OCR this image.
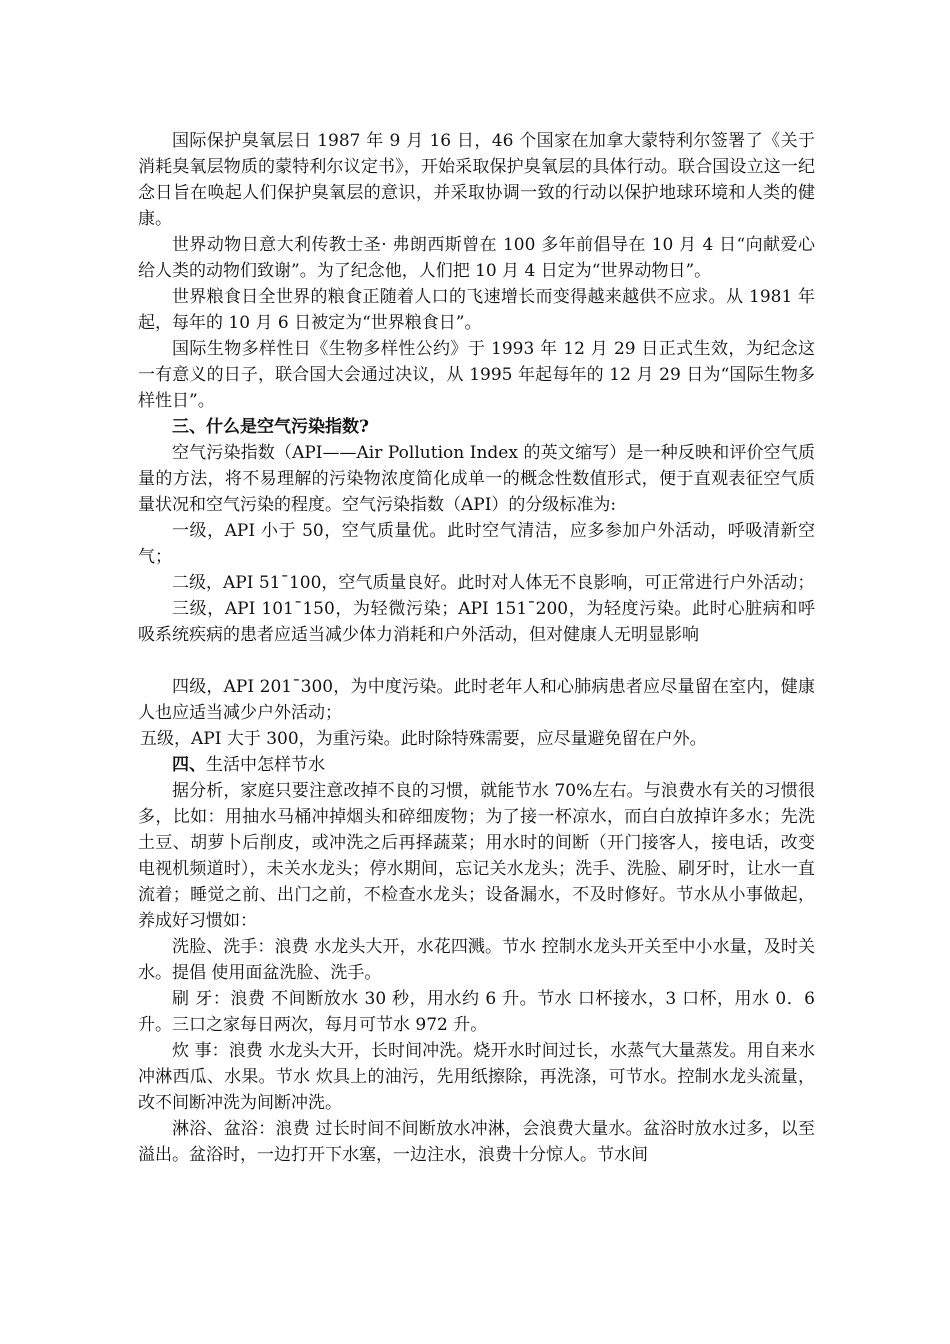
国际保护臭氧层日 1987 年 9 月 16 日，46 个国家在加拿大蒙特利尔签署了《关于消耗臭氧层物质的蒙特利尔议定书》，开始采取保护臭氧层的具体行动。联合国设立这一纪念日旨在唤起人们保护臭氧层的意识，并采取协调一致的行动以保护地球环境和人类的健康。

世界动物日意大利传教士圣· 弗朗西斯曾在 100 多年前倡导在 10 月 4 日“向献爱心给人类的动物们致谢”。为了纪念他，人们把 10 月 4 日定为“世界动物日”。

世界粮食日全世界的粮食正随着人口的飞速增长而变得越来越供不应求。从 1981 年起，每年的 10 月 6 日被定为“世界粮食日”。

国际生物多样性日《生物多样性公约》于 1993 年 12 月 29 日正式生效，为纪念这一有意义的日子，联合国大会通过决议，从 1995 年起每年的 12 月 29 日为“国际生物多样性日”。

三、什么是空气污染指数?

空气污染指数（API——Air Pollution Index 的英文缩写）是一种反映和评价空气质量的方法，将不易理解的污染物浓度简化成单一的概念性数值形式，便于直观表征空气质量状况和空气污染的程度。空气污染指数（API）的分级标准为:

一级，API 小于 50，空气质量优。此时空气清洁，应多参加户外活动，呼吸清新空气；

二级，API 51¯100，空气质量良好。此时对人体无不良影响，可正常进行户外活动；

三级，API 101¯150，为轻微污染；API 151¯200，为轻度污染。此时心脏病和呼吸系统疾病的患者应适当减少体力消耗和户外活动，但对健康人无明显影响

四级，API 201¯300，为中度污染。此时老年人和心肺病患者应尽量留在室内，健康人也应适当减少户外活动；

五级，API 大于 300，为重污染。此时除特殊需要，应尽量避免留在户外。

四、生活中怎样节水

据分析，家庭只要注意改掉不良的习惯，就能节水 70%左右。与浪费水有关的习惯很多，比如：用抽水马桶冲掉烟头和碎细废物；为了接一杯凉水，而白白放掉许多水；先洗土豆、胡萝卜后削皮，或冲洗之后再择蔬菜；用水时的间断（开门接客人，接电话，改变电视机频道时），未关水龙头；停水期间，忘记关水龙头；洗手、洗脸、刷牙时，让水一直流着；睡觉之前、出门之前，不检查水龙头；设备漏水，不及时修好。节水从小事做起，养成好习惯如：

洗脸、洗手：浪费 水龙头大开，水花四溅。节水 控制水龙头开关至中小水量，及时关水。提倡 使用面盆洗脸、洗手。

刷 牙：浪费 不间断放水 30 秒，用水约 6 升。节水 口杯接水，3 口杯，用水 0．6 升。三口之家每日两次，每月可节水 972 升。

炊 事：浪费 水龙头大开，长时间冲洗。烧开水时间过长，水蒸气大量蒸发。用自来水冲淋西瓜、水果。节水 炊具上的油污，先用纸擦除，再洗涤，可节水。控制水龙头流量，改不间断冲洗为间断冲洗。

淋浴、盆浴：浪费 过长时间不间断放水冲淋，会浪费大量水。盆浴时放水过多，以至溢出。盆浴时，一边打开下水塞，一边注水，浪费十分惊人。节水间
